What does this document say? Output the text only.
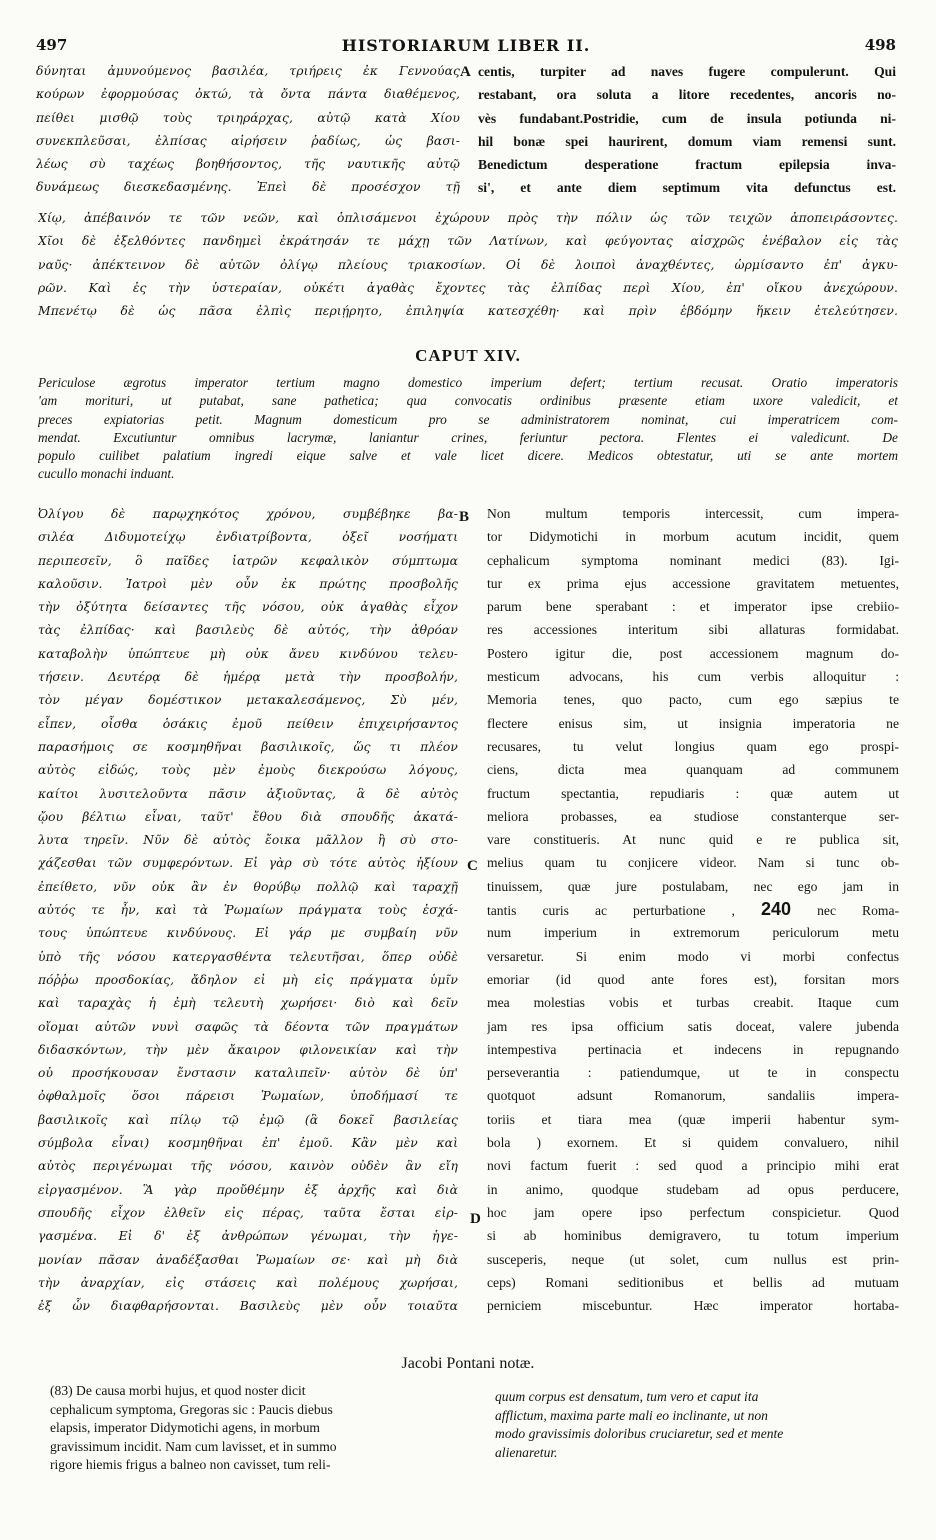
497	HISTORIARUM LIBER II.	498
δύνηται ἀμυνούμενος βασιλέα, τριήρεις ἐκ Γεννούας
κούρων ἐφορμούσας ὀκτώ, τὰ ὄντα πάντα διαθέμενος,
πείθει μισθῷ τοὺς τριηράρχας, αὐτῷ κατὰ Χίου
συνεκπλεῦσαι, ἐλπίσας αἱρήσειν ῥαδίως, ὡς βασι-
λέως σὺ ταχέως βοηθήσοντος, τῆς ναυτικῆς αὐτῷ
δυνάμεως διεσκεδασμένης. Ἐπεὶ δὲ προσέσχον τῇ
A centis, turpiter ad naves fugere compulerunt. Qui
restabant, ora soluta a litore recedentes, ancoris no-
vès fundabant.Postridie, cum de insula potiunda ni-
hil bonæ spei haurirent, domum viam remensi sunt.
Benedictum desperatione fractum epilepsia inva-
si', et ante diem septimum vita defunctus est.
Χίῳ, ἀπέβαινόν τε τῶν νεῶν, καὶ ὁπλισάμενοι ἐχώρουν πρὸς τὴν πόλιν ὡς τῶν τειχῶν ἀποπειράσοντες.
Χῖοι δὲ ἐξελθόντες πανδημεὶ ἐκράτησάν τε μάχῃ τῶν Λατίνων, καὶ φεύγοντας αἰσχρῶς ἐνέβαλον εἰς τὰς
ναῦς· ἀπέκτεινον δὲ αὐτῶν ὀλίγῳ πλείους τριακοσίων. Οἱ δὲ λοιποὶ ἀναχθέντες, ὡρμίσαντο ἐπ' ἀγκυ-
ρῶν. Καὶ ἐς τὴν ὑστεραίαν, οὐκέτι ἀγαθὰς ἔχοντες τὰς ἐλπίδας περὶ Χίου, ἐπ' οἴκου ἀνεχώρουν.
Μπενέτῳ δὲ ὡς πᾶσα ἐλπὶς περιῄρητο, ἐπιληψία κατεσχέθη· καὶ πρὶν ἑβδόμην ἥκειν ἐτελεύτησεν.
CAPUT XIV.
Periculose ægrotus imperator tertium magno domestico imperium defert; tertium recusat. Oratio imperatoris
'am morituri, ut putabat, sane pathetica; qua convocatis ordinibus præsente etiam uxore valedicit, et
preces expiatorias petit. Magnum domesticum pro se administratorem nominat, cui imperatricem com-
mendat. Excutiuntur omnibus lacrymæ, laniantur crines, feriuntur pectora. Flentes ei valedicunt. De
populo cuilibet palatium ingredi eique salve et vale licet dicere. Medicos obtestatur, uti se ante mortem
cucullo monachi induant.
Ὀλίγου δὲ παρῳχηκότος χρόνου, συμβέβηκε βα-
σιλέα Διδυμοτείχῳ ἐνδιατρίβοντα, ὀξεῖ νοσήματι
περιπεσεῖν, ὃ παῖδες ἰατρῶν κεφαλικὸν σύμπτωμα
καλοῦσιν. Ἰατροὶ μὲν οὖν ἐκ πρώτης προσβολῆς
τὴν ὀξύτητα δείσαντες τῆς νόσου, οὐκ ἀγαθὰς εἶχον
τὰς ἐλπίδας· καὶ βασιλεὺς δὲ αὐτός, τὴν ἀθρόαν
καταβολὴν ὑπώπτευε μὴ οὐκ ἄνευ κινδύνου τελευ-
τήσειν. Δευτέρᾳ δὲ ἡμέρᾳ μετὰ τὴν προσβολήν,
τὸν μέγαν δομέστικον μετακαλεσάμενος, Σὺ μέν,
εἶπεν, οἶσθα ὁσάκις ἐμοῦ πείθειν ἐπιχειρήσαντος
παρασήμοις σε κοσμηθῆναι βασιλικοῖς, ὥς τι πλέον
αὐτὸς εἰδώς, τοὺς μὲν ἐμοὺς διεκρούσω λόγους,
καίτοι λυσιτελοῦντα πᾶσιν ἀξιοῦντας, ἃ δὲ αὐτὸς
ᾤου βέλτιω εἶναι, ταῦτ' ἔθου διὰ σπουδῆς ἀκατά-
λυτα τηρεῖν. Νῦν δὲ αὐτὸς ἔοικα μᾶλλον ἢ σὺ στο-
χάζεσθαι τῶν συμφερόντων. Εἰ γὰρ σὺ τότε αὐτὸς ἠξίουν
ἐπείθετο, νῦν οὐκ ἂν ἐν θορύβῳ πολλῷ καὶ ταραχῇ
αὐτός τε ἦν, καὶ τὰ Ῥωμαίων πράγματα τοὺς ἐσχά-
τους ὑπώπτευε κινδύνους. Εἰ γάρ με συμβαίη νῦν
ὑπὸ τῆς νόσου κατεργασθέντα τελευτῆσαι, ὅπερ οὐδὲ
πόῤῥω προσδοκίας, ἄδηλον εἰ μὴ εἰς πράγματα ὑμῖν
καὶ ταραχὰς ἡ ἐμὴ τελευτὴ χωρήσει· διὸ καὶ δεῖν
οἴομαι αὐτῶν νυνὶ σαφῶς τὰ δέοντα τῶν πραγμάτων
διδασκόντων, τὴν μὲν ἄκαιρον φιλονεικίαν καὶ τὴν
οὐ προσήκουσαν ἔνστασιν καταλιπεῖν· αὐτὸν δὲ ὑπ'
ὀφθαλμοῖς ὅσοι πάρεισι Ῥωμαίων, ὑποδήμασί τε
βασιλικοῖς καὶ πίλῳ τῷ ἐμῷ (ἃ δοκεῖ βασιλείας
σύμβολα εἶναι) κοσμηθῆναι ἐπ' ἐμοῦ. Κἂν μὲν καὶ
αὐτὸς περιγένωμαι τῆς νόσου, καινὸν οὐδὲν ἂν εἴη
εἰργασμένον. Ἃ γὰρ προὔθέμην ἐξ ἀρχῆς καὶ διὰ
σπουδῆς εἶχον ἐλθεῖν εἰς πέρας, ταῦτα ἔσται εἰρ-
γασμένα. Εἰ δ' ἐξ ἀνθρώπων γένωμαι, τὴν ἡγε-
μονίαν πᾶσαν ἀναδέξασθαι Ῥωμαίων σε· καὶ μὴ διὰ
τὴν ἀναρχίαν, εἰς στάσεις καὶ πολέμους χωρήσαι,
ἐξ ὧν διαφθαρήσονται. Βασιλεὺς μὲν οὖν τοιαῦτα
B
C
D
Non multum temporis intercessit, cum impera-
tor Didymotichi in morbum acutum incidit, quem
cephalicum symptoma nominant medici (83). Igi-
tur ex prima ejus accessione gravitatem metuentes,
parum bene sperabant : et imperator ipse crebiio-
res accessiones interitum sibi allaturas formidabat.
Postero igitur die, post accessionem magnum do-
mesticum advocans, his cum verbis alloquitur :
Memoria tenes, quo pacto, cum ego sæpius te
flectere enisus sim, ut insignia imperatoria ne
recusares, tu velut longius quam ego prospi-
ciens, dicta mea quanquam ad communem
fructum spectantia, repudiaris : quæ autem ut
meliora probasses, ea studiose constanterque ser-
vare constitueris. At nunc quid e re publica sit,
melius quam tu conjicere videor. Nam si tunc ob-
tinuissem, quæ jure postulabam, nec ego jam in
tantis curis ac perturbatione , 240 nec Roma-
num imperium in extremorum periculorum metu
versaretur. Si enim modo vi morbi confectus
emoriar (id quod ante fores est), forsitan mors
mea molestias vobis et turbas creabit. Itaque cum
jam res ipsa officium satis doceat, valere jubenda
intempestiva pertinacia et indecens in repugnando
perseverantia : patiendumque, ut te in conspectu
quotquot adsunt Romanorum, sandaliis impera-
toriis et tiara mea (quæ imperii habentur sym-
bola ) exornem. Et si quidem convaluero, nihil
novi factum fuerit : sed quod a principio mihi erat
in animo, quodque studebam ad opus perducere,
hoc jam opere ipso perfectum conspicietur. Quod
si ab hominibus demigravero, tu totum imperium
susceperis, neque (ut solet, cum nullus est prin-
ceps) Romani seditionibus et bellis ad mutuam
perniciem miscebuntur. Hæc imperator hortaba-
Jacobi Pontani notæ.
(83) De causa morbi hujus, et quod noster dicit
cephalicum symptoma, Gregoras sic : Paucis diebus
elapsis, imperator Didymotichi agens, in morbum
gravissimum incidit. Nam cum lavisset, et in summo
rigore hiemis frigus a balneo non cavisset, tum reli-
quum corpus est densatum, tum vero et caput ita
afflictum, maxima parte mali eo inclinante, ut non
modo gravissimis doloribus cruciaretur, sed et mente
alienaretur.
